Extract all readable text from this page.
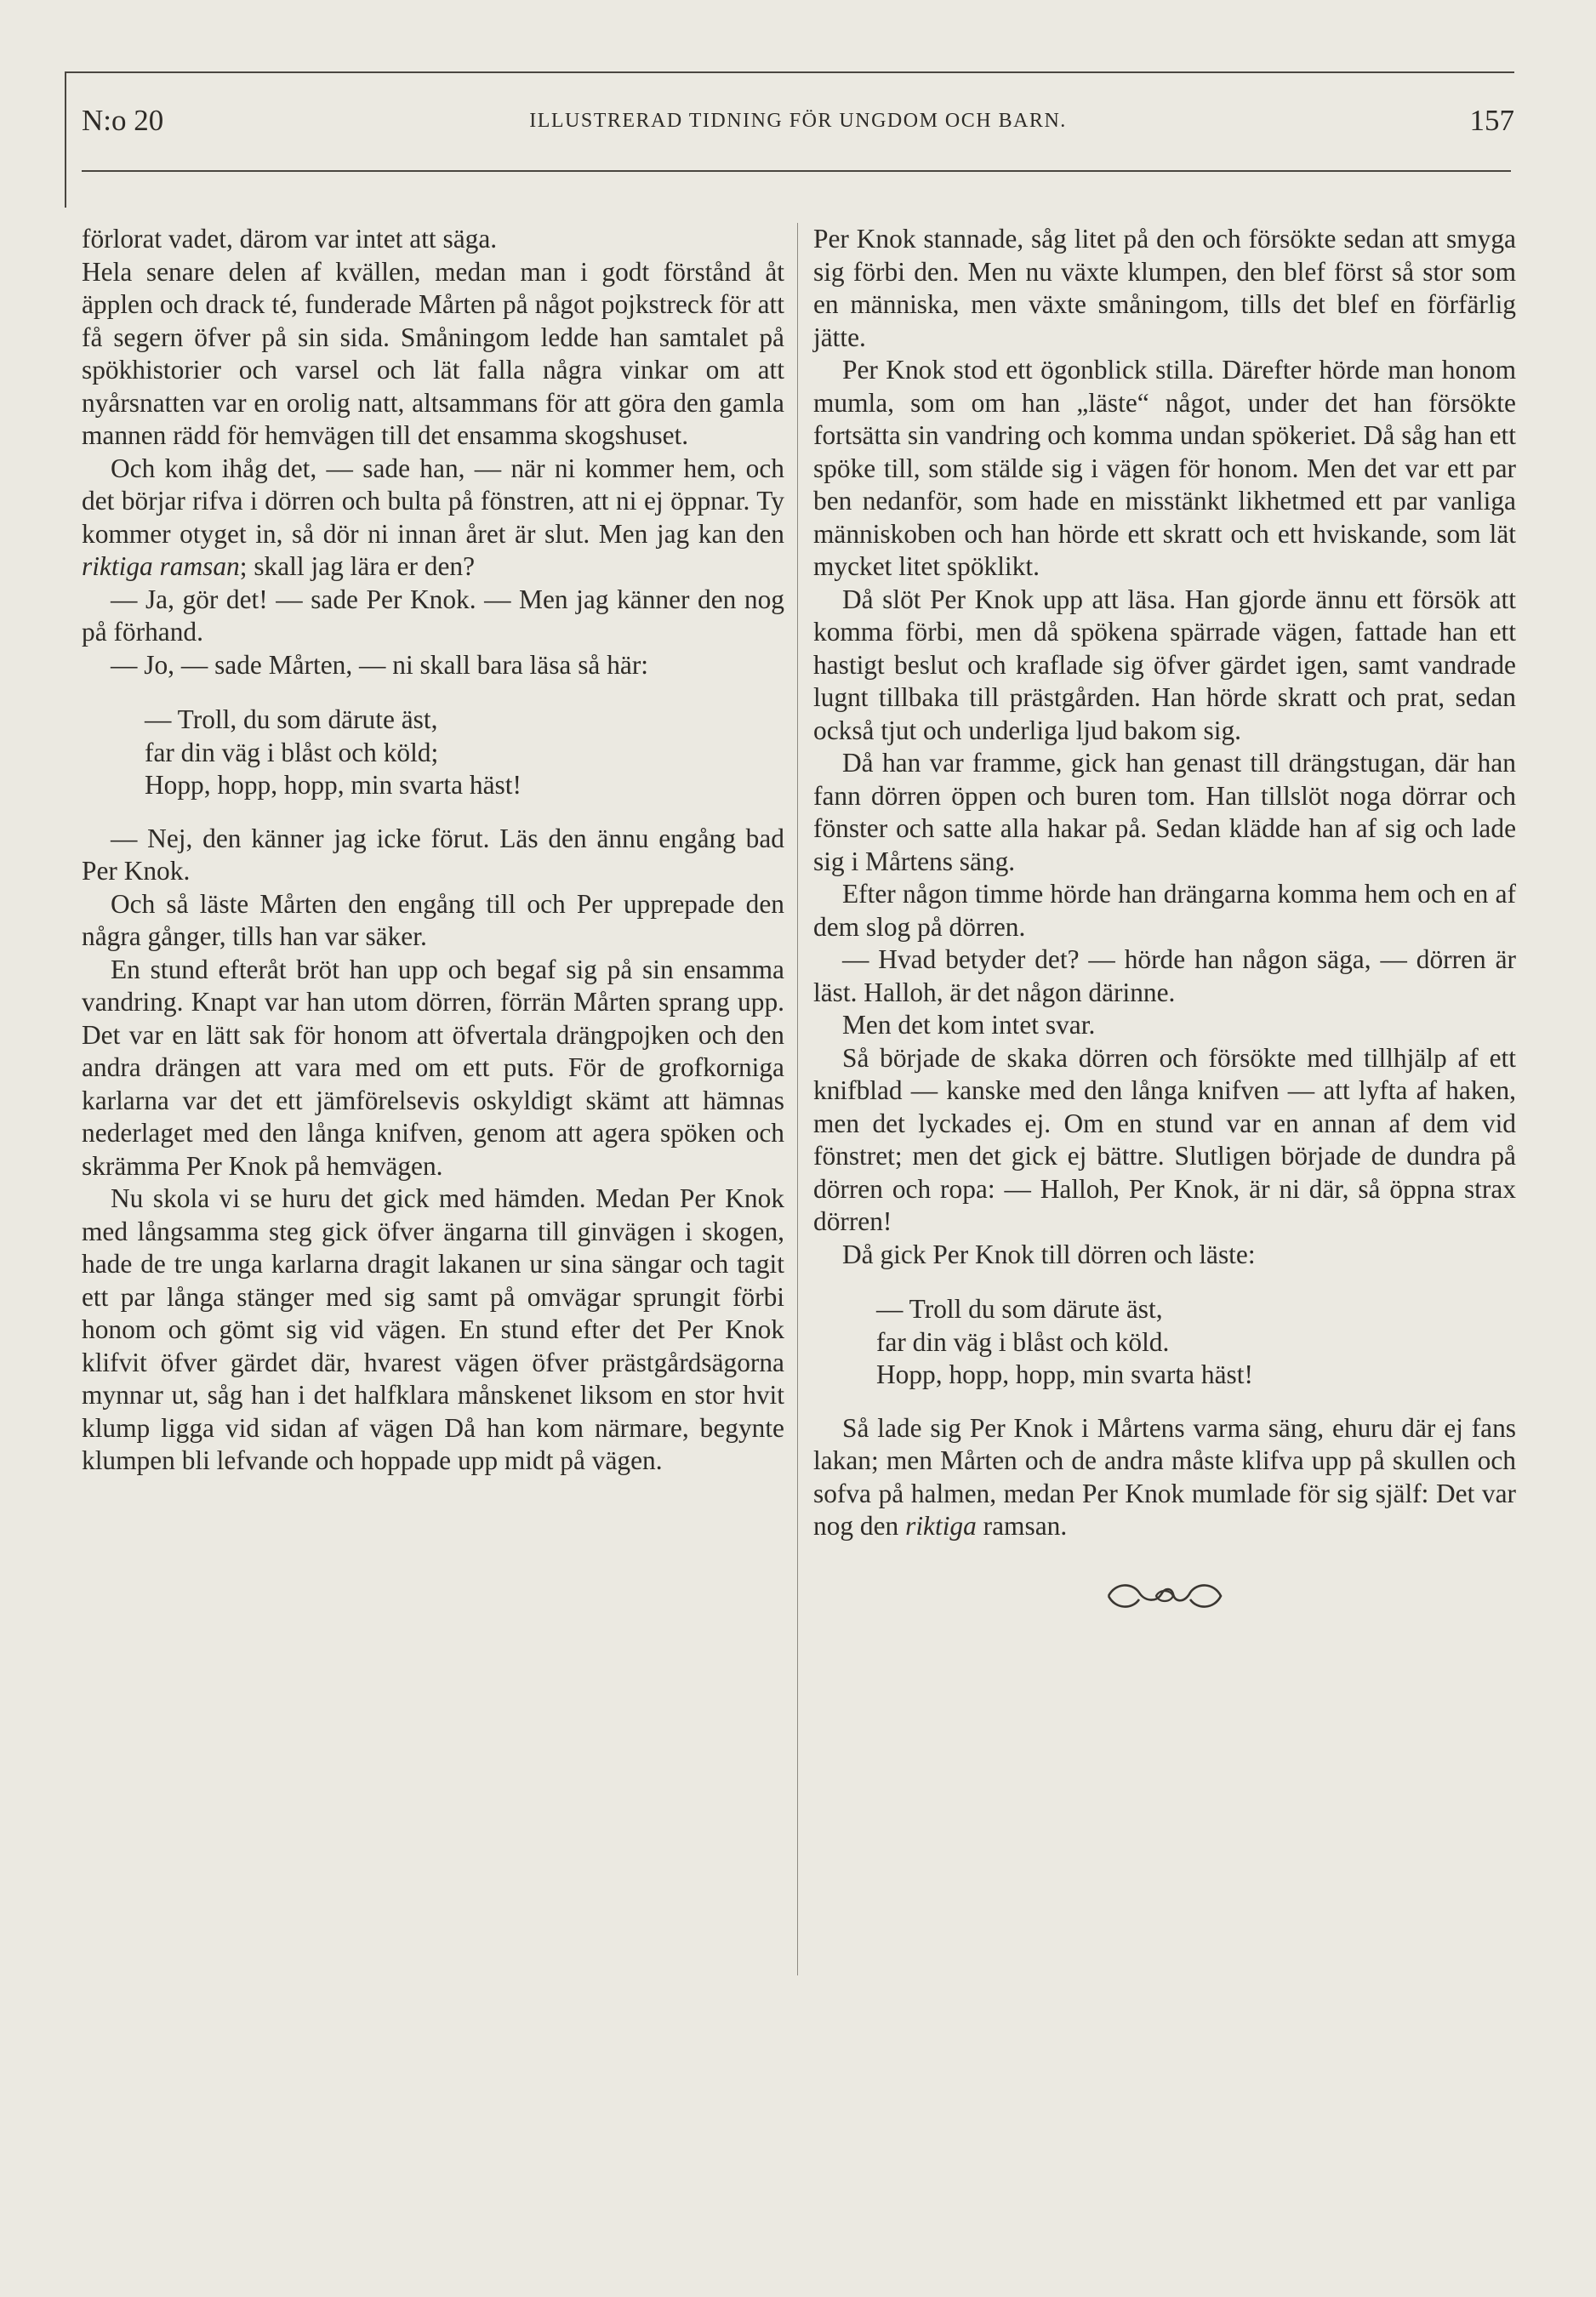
N:o 20	ILLUSTRERAD TIDNING FÖR UNGDOM OCH BARN.	157

förlorat vadet, därom var intet att säga.

Hela senare delen af kvällen, medan man i godt förstånd åt äpplen och drack té, funderade Mårten på något pojkstreck för att få segern öfver på sin sida. Småningom ledde han samtalet på spökhistorier och varsel och lät falla några vinkar om att nyårsnatten var en orolig natt, altsammans för att göra den gamla mannen rädd för hemvägen till det ensamma skogshuset.

Och kom ihåg det, — sade han, — när ni kommer hem, och det börjar rifva i dörren och bulta på fönstren, att ni ej öppnar. Ty kommer otyget in, så dör ni innan året är slut. Men jag kan den riktiga ramsan; skall jag lära er den?

— Ja, gör det! — sade Per Knok. — Men jag känner den nog på förhand.

— Jo, — sade Mårten, — ni skall bara läsa så här:

— Troll, du som därute äst,
far din väg i blåst och köld;
Hopp, hopp, hopp, min svarta häst!

— Nej, den känner jag icke förut. Läs den ännu engång bad Per Knok.

Och så läste Mårten den engång till och Per upprepade den några gånger, tills han var säker.

En stund efteråt bröt han upp och begaf sig på sin ensamma vandring. Knapt var han utom dörren, förrän Mårten sprang upp. Det var en lätt sak för honom att öfvertala drängpojken och den andra drängen att vara med om ett puts. För de grofkorniga karlarna var det ett jämförelsevis oskyldigt skämt att hämnas nederlaget med den långa knifven, genom att agera spöken och skrämma Per Knok på hemvägen.

Nu skola vi se huru det gick med hämden. Medan Per Knok med långsamma steg gick öfver ängarna till ginvägen i skogen, hade de tre unga karlarna dragit lakanen ur sina sängar och tagit ett par långa stänger med sig samt på omvägar sprungit förbi honom och gömt sig vid vägen. En stund efter det Per Knok klifvit öfver gärdet där, hvarest vägen öfver prästgårdsägorna mynnar ut, såg han i det halfklara månskenet liksom en stor hvit klump ligga vid sidan af vägen Då han kom närmare, begynte klumpen bli lefvande och hoppade upp midt på vägen.

Per Knok stannade, såg litet på den och försökte sedan att smyga sig förbi den. Men nu växte klumpen, den blef först så stor som en människa, men växte småningom, tills det blef en förfärlig jätte.

Per Knok stod ett ögonblick stilla. Därefter hörde man honom mumla, som om han „läste“ något, under det han försökte fortsätta sin vandring och komma undan spökeriet. Då såg han ett spöke till, som stälde sig i vägen för honom. Men det var ett par ben nedanför, som hade en misstänkt likhetmed ett par vanliga människoben och han hörde ett skratt och ett hviskande, som lät mycket litet spöklikt.

Då slöt Per Knok upp att läsa. Han gjorde ännu ett försök att komma förbi, men då spökena spärrade vägen, fattade han ett hastigt beslut och kraflade sig öfver gärdet igen, samt vandrade lugnt tillbaka till prästgården. Han hörde skratt och prat, sedan också tjut och underliga ljud bakom sig.

Då han var framme, gick han genast till drängstugan, där han fann dörren öppen och buren tom. Han tillslöt noga dörrar och fönster och satte alla hakar på. Sedan klädde han af sig och lade sig i Mårtens säng.

Efter någon timme hörde han drängarna komma hem och en af dem slog på dörren.

— Hvad betyder det? — hörde han någon säga, — dörren är läst. Halloh, är det någon därinne.

Men det kom intet svar.

Så började de skaka dörren och försökte med tillhjälp af ett knifblad — kanske med den långa knifven — att lyfta af haken, men det lyckades ej. Om en stund var en annan af dem vid fönstret; men det gick ej bättre. Slutligen började de dundra på dörren och ropa: — Halloh, Per Knok, är ni där, så öppna strax dörren!

Då gick Per Knok till dörren och läste:

— Troll du som därute äst,
far din väg i blåst och köld.
Hopp, hopp, hopp, min svarta häst!

Så lade sig Per Knok i Mårtens varma säng, ehuru där ej fans lakan; men Mårten och de andra måste klifva upp på skullen och sofva på halmen, medan Per Knok mumlade för sig själf: Det var nog den riktiga ramsan.
